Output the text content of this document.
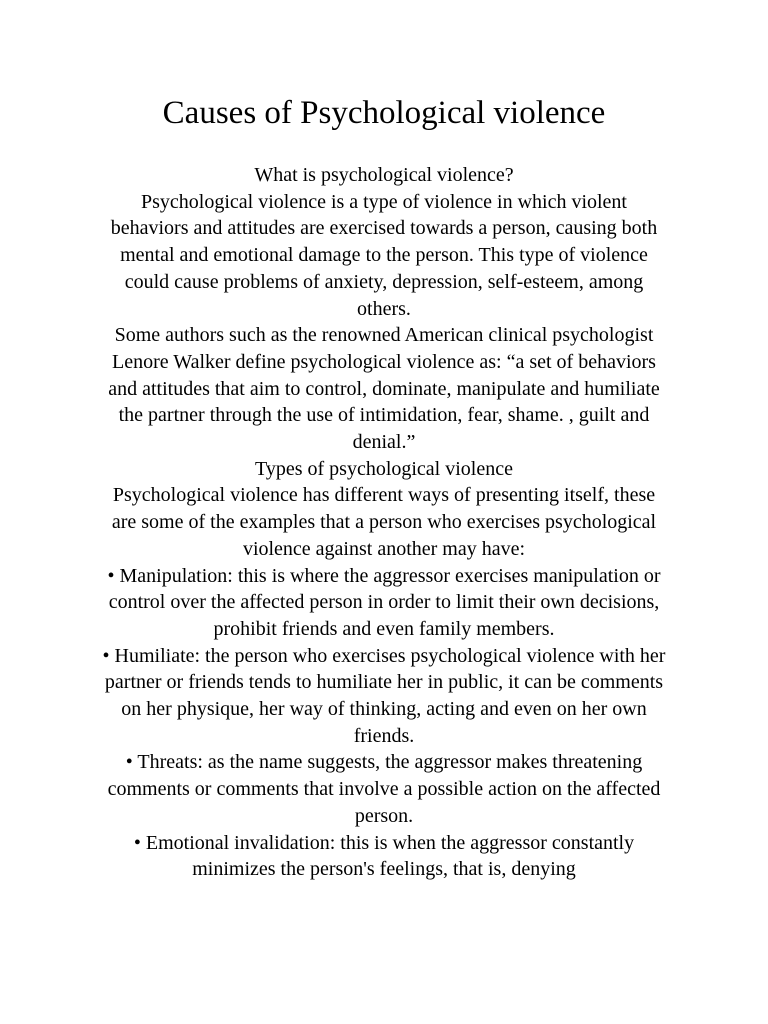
Causes of Psychological violence

What is psychological violence?

Psychological violence is a type of violence in which violent behaviors and attitudes are exercised towards a person, causing both mental and emotional damage to the person. This type of violence could cause problems of anxiety, depression, self-esteem, among others.

Some authors such as the renowned American clinical psychologist Lenore Walker define psychological violence as: “a set of behaviors and attitudes that aim to control, dominate, manipulate and humiliate the partner through the use of intimidation, fear, shame. , guilt and denial.”

Types of psychological violence

Psychological violence has different ways of presenting itself, these are some of the examples that a person who exercises psychological violence against another may have:

• Manipulation: this is where the aggressor exercises manipulation or control over the affected person in order to limit their own decisions, prohibit friends and even family members.

• Humiliate: the person who exercises psychological violence with her partner or friends tends to humiliate her in public, it can be comments on her physique, her way of thinking, acting and even on her own friends.

• Threats: as the name suggests, the aggressor makes threatening comments or comments that involve a possible action on the affected person.

• Emotional invalidation: this is when the aggressor constantly minimizes the person's feelings, that is, denying
